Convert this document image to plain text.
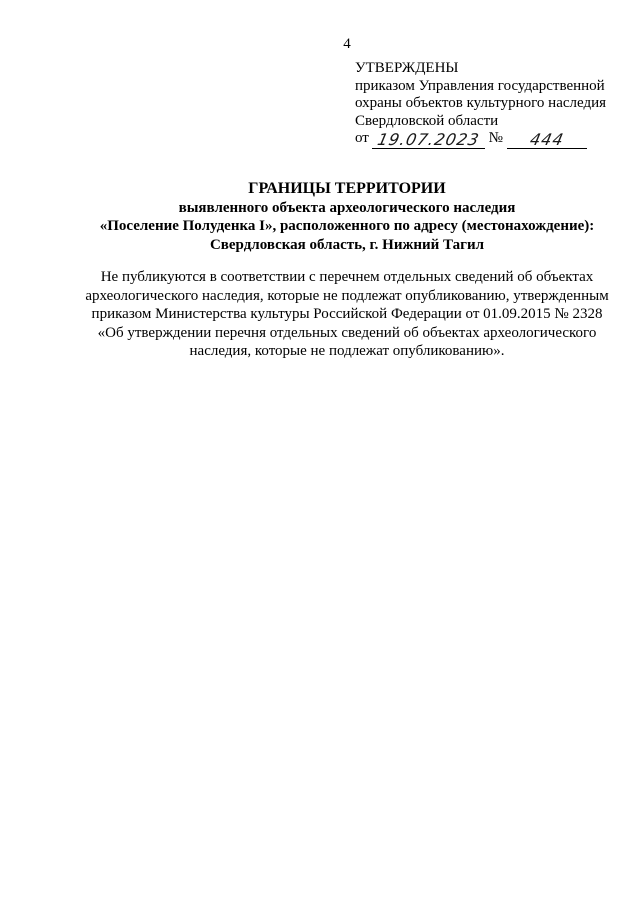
4
УТВЕРЖДЕНЫ
приказом Управления государственной
охраны объектов культурного наследия
Свердловской области
от 19.07.2023 №	444
ГРАНИЦЫ ТЕРРИТОРИИ
выявленного объекта археологического наследия
«Поселение Полуденка I», расположенного по адресу (местонахождение):
Свердловская область, г. Нижний Тагил
Не публикуются в соответствии с перечнем отдельных сведений об объектах
археологического наследия, которые не подлежат опубликованию, утвержденным
приказом Министерства культуры Российской Федерации от 01.09.2015 № 2328
«Об утверждении перечня отдельных сведений об объектах археологического
наследия, которые не подлежат опубликованию».
